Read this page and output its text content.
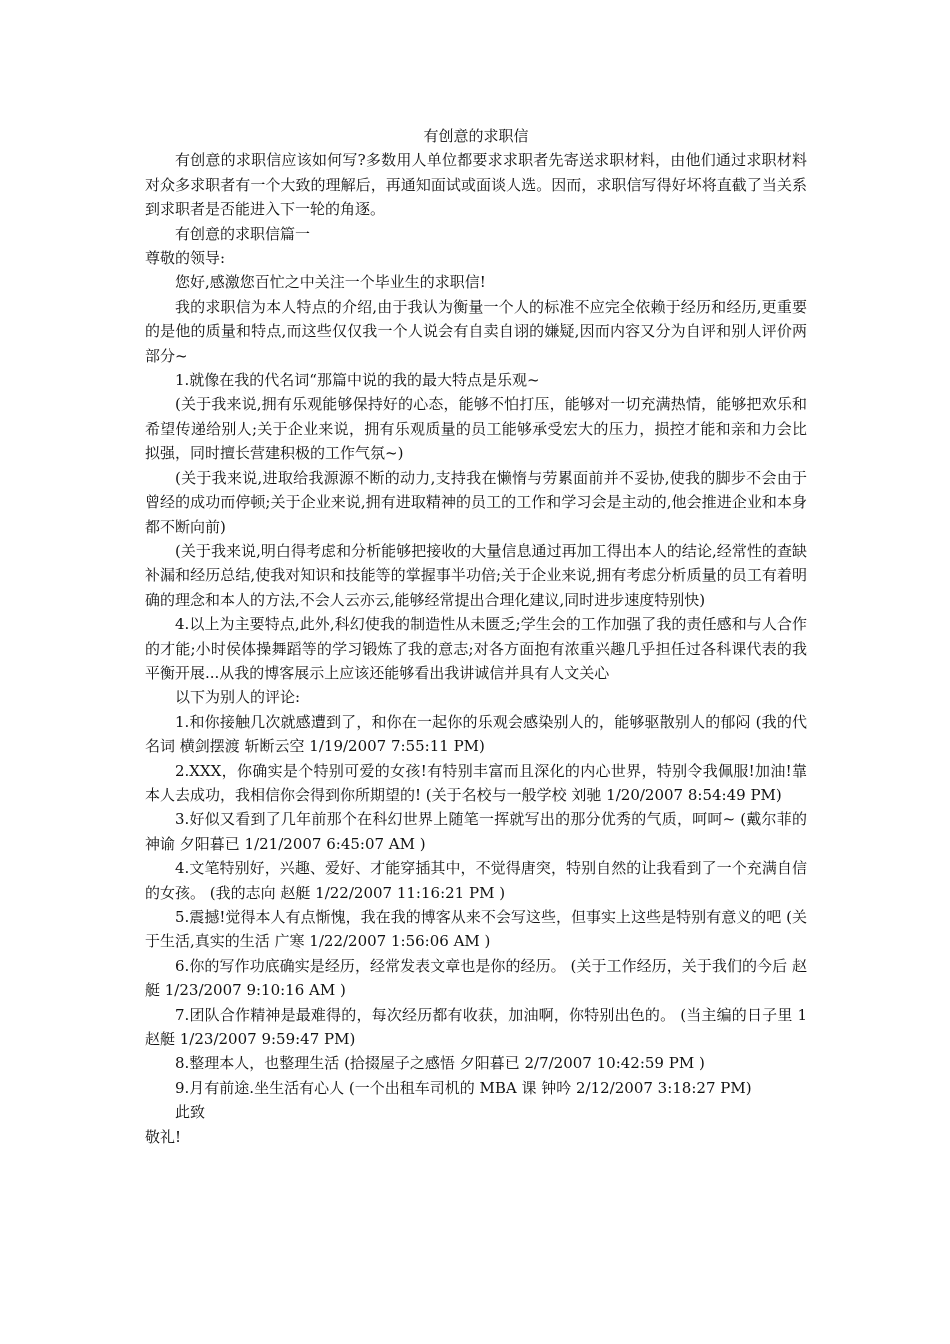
有创意的求职信

有创意的求职信应该如何写?多数用人单位都要求求职者先寄送求职材料，由他们通过求职材料对众多求职者有一个大致的理解后，再通知面试或面谈人选。因而，求职信写得好坏将直截了当关系到求职者是否能进入下一轮的角逐。

有创意的求职信篇一

尊敬的领导:

您好,感激您百忙之中关注一个毕业生的求职信!

我的求职信为本人特点的介绍,由于我认为衡量一个人的标准不应完全依赖于经历和经历,更重要的是他的质量和特点,而这些仅仅我一个人说会有自卖自诩的嫌疑,因而内容又分为自评和别人评价两部分~

1.就像在我的代名词“那篇中说的我的最大特点是乐观~

(关于我来说,拥有乐观能够保持好的心态，能够不怕打压，能够对一切充满热情，能够把欢乐和希望传递给别人;关于企业来说，拥有乐观质量的员工能够承受宏大的压力，损控才能和亲和力会比拟强，同时擅长营建积极的工作气氛~)

(关于我来说,进取给我源源不断的动力,支持我在懒惰与劳累面前并不妥协,使我的脚步不会由于曾经的成功而停顿;关于企业来说,拥有进取精神的员工的工作和学习会是主动的,他会推进企业和本身都不断向前)

(关于我来说,明白得考虑和分析能够把接收的大量信息通过再加工得出本人的结论,经常性的查缺补漏和经历总结,使我对知识和技能等的掌握事半功倍;关于企业来说,拥有考虑分析质量的员工有着明确的理念和本人的方法,不会人云亦云,能够经常提出合理化建议,同时进步速度特别快)

4.以上为主要特点,此外,科幻使我的制造性从未匮乏;学生会的工作加强了我的责任感和与人合作的才能;小时侯体操舞蹈等的学习锻炼了我的意志;对各方面抱有浓重兴趣几乎担任过各科课代表的我平衡开展...从我的博客展示上应该还能够看出我讲诚信并具有人文关心

以下为别人的评论:

1.和你接触几次就感遭到了，和你在一起你的乐观会感染别人的，能够驱散别人的郁闷 (我的代名词 横剑摆渡 斩断云空 1/19/2007 7:55:11 PM)

2.XXX，你确实是个特别可爱的女孩!有特别丰富而且深化的内心世界，特别令我佩服!加油!靠本人去成功，我相信你会得到你所期望的! (关于名校与一般学校 刘驰 1/20/2007 8:54:49 PM)

3.好似又看到了几年前那个在科幻世界上随笔一挥就写出的那分优秀的气质，呵呵~ (戴尔菲的神谕 夕阳暮已 1/21/2007 6:45:07 AM )

4.文笔特别好，兴趣、爱好、才能穿插其中，不觉得唐突，特别自然的让我看到了一个充满自信的女孩。 (我的志向 赵艇 1/22/2007 11:16:21 PM )

5.震撼!觉得本人有点惭愧，我在我的博客从来不会写这些，但事实上这些是特别有意义的吧 (关于生活,真实的生活 广寒 1/22/2007 1:56:06 AM )

6.你的写作功底确实是经历，经常发表文章也是你的经历。 (关于工作经历，关于我们的今后 赵艇 1/23/2007 9:10:16 AM )

7.团队合作精神是最难得的，每次经历都有收获，加油啊，你特别出色的。 (当主编的日子里 1 赵艇 1/23/2007 9:59:47 PM)

8.整理本人，也整理生活 (拾掇屋子之感悟 夕阳暮已 2/7/2007 10:42:59 PM )

9.月有前途.坐生活有心人 (一个出租车司机的 MBA 课 钟吟 2/12/2007 3:18:27 PM)

此致

敬礼!
